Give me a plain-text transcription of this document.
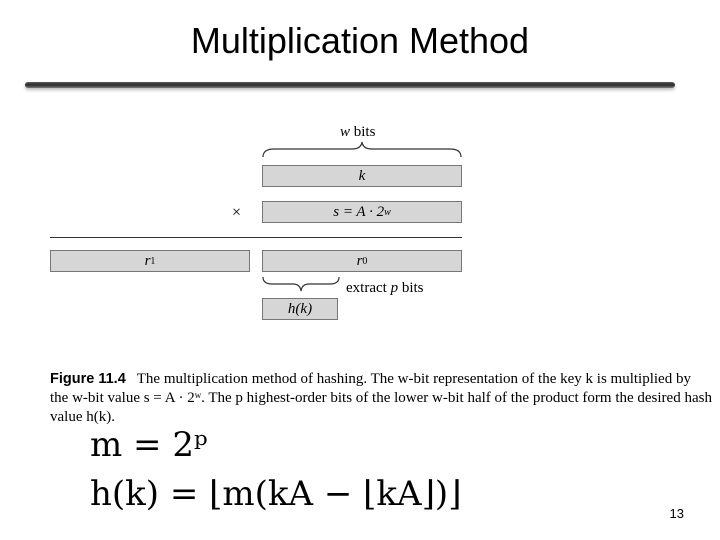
Multiplication Method
w bits
k
×	s = A · 2 w
r 1	r 0
extract p bits
h(k)
Figure 11.4 The multiplication method of hashing. The w-bit representation of the key k is multiplied by the w-bit value s = A · 2ʷ. The p highest-order bits of the lower w-bit half of the product form the desired hash value h(k).
m = 2ᵖ
h(k) = ⌊m(kA − ⌊kA⌋)⌋	13
